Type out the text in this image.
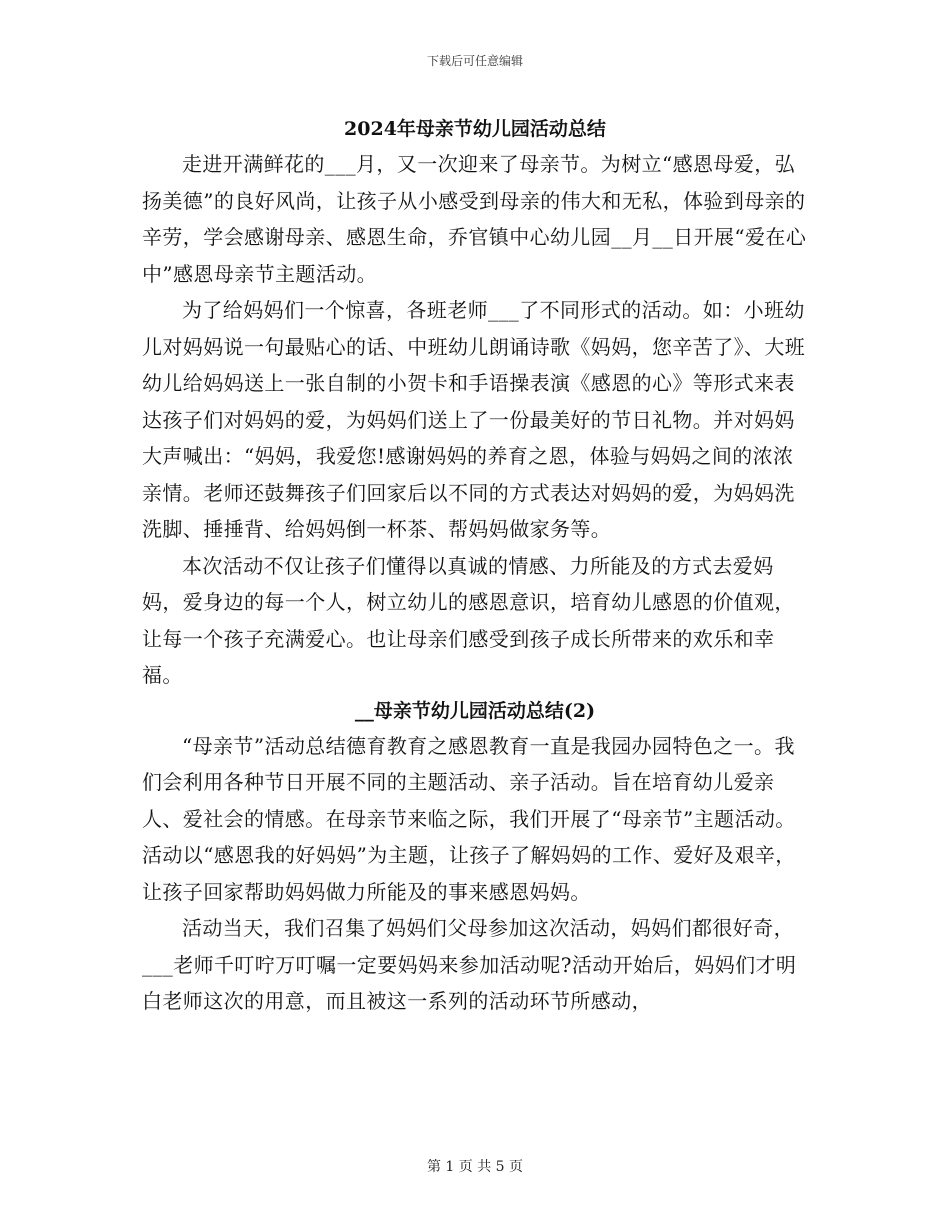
下载后可任意编辑
2024年母亲节幼儿园活动总结

走进开满鲜花的___月，又一次迎来了母亲节。为树立“感恩母爱，弘扬美德”的良好风尚，让孩子从小感受到母亲的伟大和无私，体验到母亲的辛劳，学会感谢母亲、感恩生命，乔官镇中心幼儿园__月__日开展“爱在心中”感恩母亲节主题活动。

为了给妈妈们一个惊喜，各班老师___了不同形式的活动。如：小班幼儿对妈妈说一句最贴心的话、中班幼儿朗诵诗歌《妈妈，您辛苦了》、大班幼儿给妈妈送上一张自制的小贺卡和手语操表演《感恩的心》等形式来表达孩子们对妈妈的爱，为妈妈们送上了一份最美好的节日礼物。并对妈妈大声喊出：“妈妈，我爱您!感谢妈妈的养育之恩，体验与妈妈之间的浓浓亲情。老师还鼓舞孩子们回家后以不同的方式表达对妈妈的爱，为妈妈洗洗脚、捶捶背、给妈妈倒一杯茶、帮妈妈做家务等。

本次活动不仅让孩子们懂得以真诚的情感、力所能及的方式去爱妈妈，爱身边的每一个人，树立幼儿的感恩意识，培育幼儿感恩的价值观，让每一个孩子充满爱心。也让母亲们感受到孩子成长所带来的欢乐和幸福。

__母亲节幼儿园活动总结(2)

“母亲节”活动总结德育教育之感恩教育一直是我园办园特色之一。我们会利用各种节日开展不同的主题活动、亲子活动。旨在培育幼儿爱亲人、爱社会的情感。在母亲节来临之际，我们开展了“母亲节”主题活动。活动以“感恩我的好妈妈”为主题，让孩子了解妈妈的工作、爱好及艰辛，让孩子回家帮助妈妈做力所能及的事来感恩妈妈。

活动当天，我们召集了妈妈们父母参加这次活动，妈妈们都很好奇，___老师千叮咛万叮嘱一定要妈妈来参加活动呢?活动开始后，妈妈们才明白老师这次的用意，而且被这一系列的活动环节所感动，

第 1 页 共 5 页
